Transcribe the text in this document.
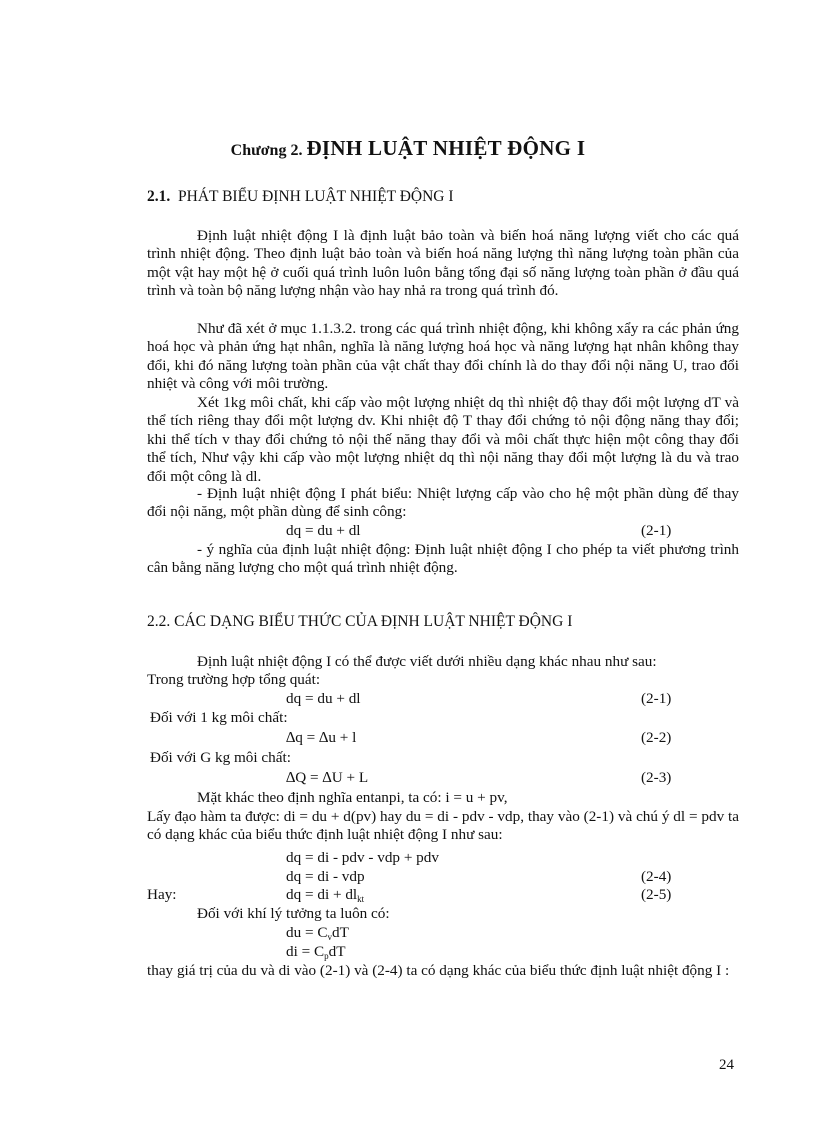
Chương 2. ĐỊNH LUẬT NHIỆT ĐỘNG I
2.1. PHÁT BIỂU ĐỊNH LUẬT NHIỆT ĐỘNG I

Định luật nhiệt động I là định luật bảo toàn và biến hoá năng lượng viết cho các quá trình nhiệt động. Theo định luật bảo toàn và biến hoá năng lượng thì năng lượng toàn phần của một vật hay một hệ ở cuối quá trình luôn luôn bằng tổng đại số năng lượng toàn phần ở đầu quá trình và toàn bộ năng lượng nhận vào hay nhả ra trong quá trình đó.

Như đã xét ở mục 1.1.3.2. trong các quá trình nhiệt động, khi không xẩy ra các phản ứng hoá học và phản ứng hạt nhân, nghĩa là năng lượng hoá học và năng lượng hạt nhân không thay đổi, khi đó năng lượng toàn phần của vật chất thay đổi chính là do thay đổi nội năng U, trao đổi nhiệt và công với môi trường.

Xét 1kg môi chất, khi cấp vào một lượng nhiệt dq thì nhiệt độ thay đổi một lượng dT và thể tích riêng thay đổi một lượng dv. Khi nhiệt độ T thay đổi chứng tỏ nội động năng thay đổi; khi thể tích v thay đổi chứng tỏ nội thế năng thay đổi và môi chất thực hiện một công thay đổi thể tích, Như vậy khi cấp vào một lượng nhiệt dq thì nội năng thay đổi một lượng là du và trao đổi một công là dl.

- Định luật nhiệt động I phát biểu: Nhiệt lượng cấp vào cho hệ một phần dùng để thay đổi nội năng, một phần dùng để sinh công:

dq = du + dl	(2-1)

- ý nghĩa của định luật nhiệt động: Định luật nhiệt động I cho phép ta viết phương trình cân bằng năng lượng cho một quá trình nhiệt động.

2.2. CÁC DẠNG BIỂU THỨC CỦA ĐỊNH LUẬT NHIỆT ĐỘNG I
Định luật nhiệt động I có thể được viết dưới nhiều dạng khác nhau như sau:
Trong trường hợp tổng quát:
dq = du + dl	(2-1)
Đối với 1 kg môi chất:
∆q = ∆u + l	(2-2)
Đối với G kg môi chất:
∆Q = ∆U + L	(2-3)
Mặt khác theo định nghĩa entanpi, ta có: i = u + pv,

Lấy đạo hàm ta được: di = du + d(pv) hay du = di - pdv - vdp, thay vào (2-1) và chú ý dl = pdv ta có dạng khác của biểu thức định luật nhiệt động I như sau:

dq = di - pdv - vdp + pdv
dq = di - vdp	(2-4)
Hay:	dq = di + $dl_{kt}$	(2-5)
Đối với khí lý tưởng ta luôn có:
du = $C_vdT$
di = $C_pdT$

thay giá trị của du và di vào (2-1) và (2-4) ta có dạng khác của biểu thức định luật nhiệt động I :

24
